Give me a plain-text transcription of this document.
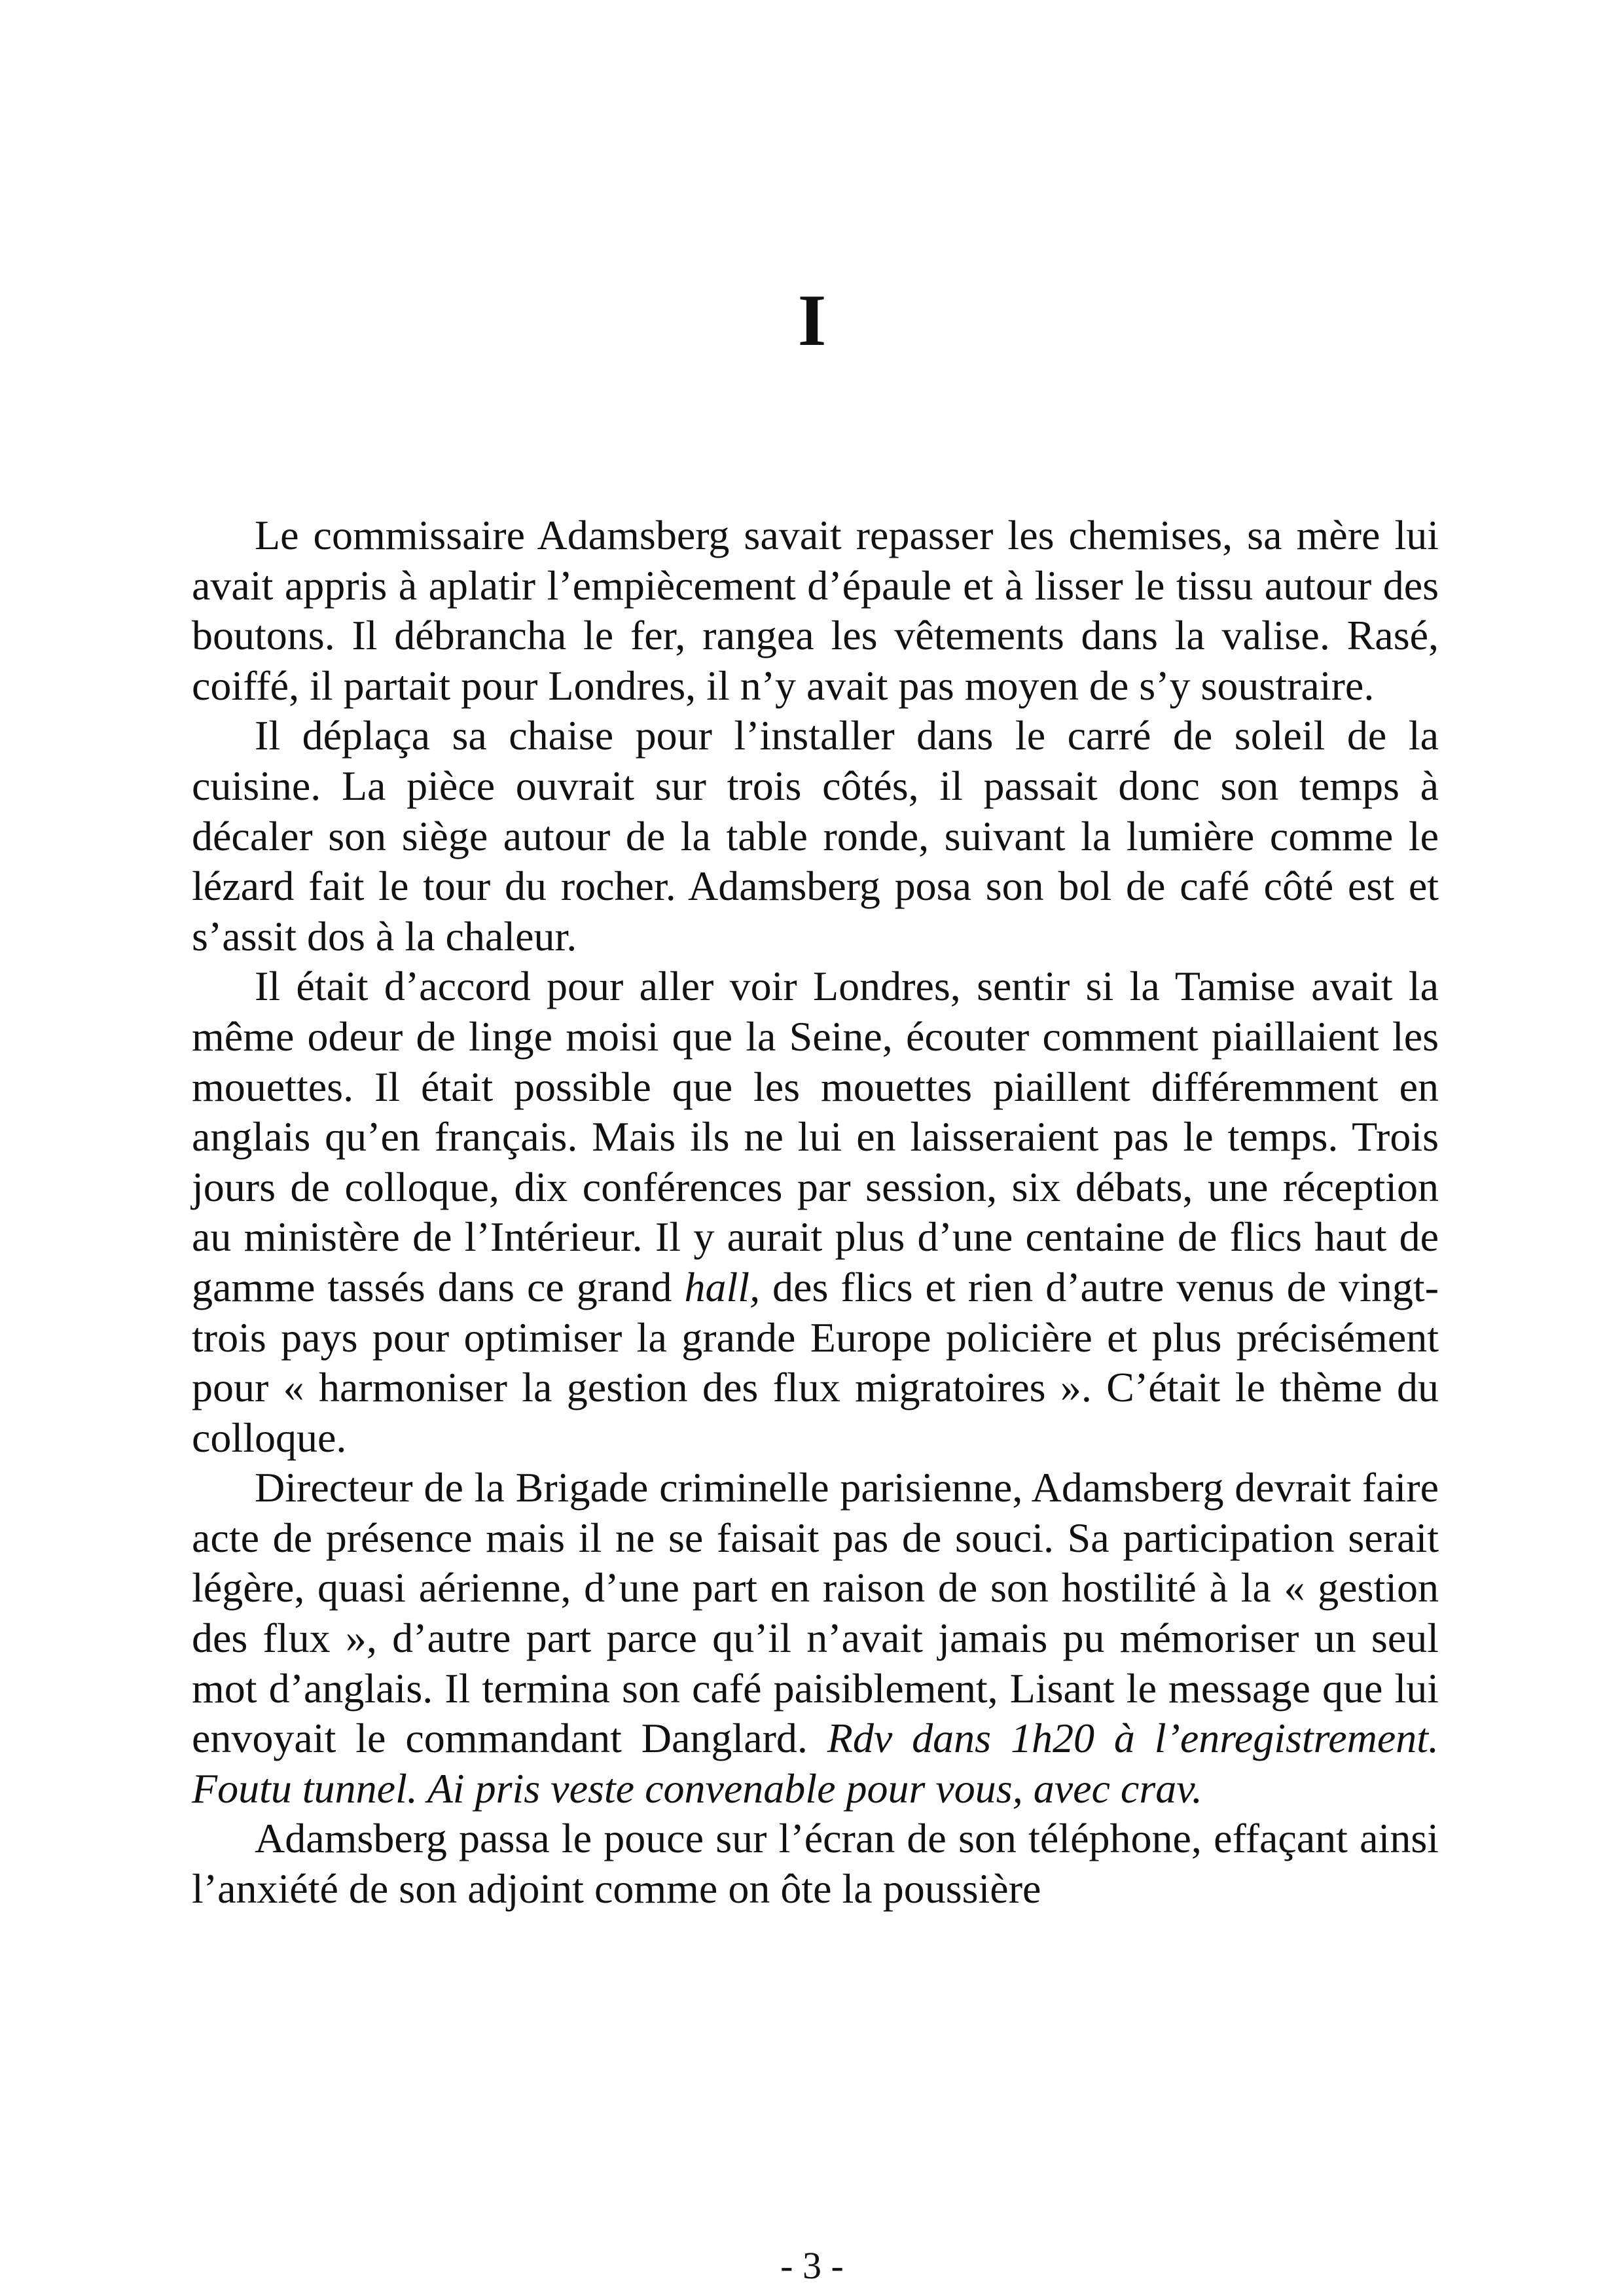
I

Le commissaire Adamsberg savait repasser les chemises, sa mère lui avait appris à aplatir l’empiècement d’épaule et à lisser le tissu autour des boutons. Il débrancha le fer, rangea les vêtements dans la valise. Rasé, coiffé, il partait pour Londres, il n’y avait pas moyen de s’y soustraire.

Il déplaça sa chaise pour l’installer dans le carré de soleil de la cuisine. La pièce ouvrait sur trois côtés, il passait donc son temps à décaler son siège autour de la table ronde, suivant la lumière comme le lézard fait le tour du rocher. Adamsberg posa son bol de café côté est et s’assit dos à la chaleur.

Il était d’accord pour aller voir Londres, sentir si la Tamise avait la même odeur de linge moisi que la Seine, écouter comment piaillaient les mouettes. Il était possible que les mouettes piaillent différemment en anglais qu’en français. Mais ils ne lui en laisseraient pas le temps. Trois jours de colloque, dix conférences par session, six débats, une réception au ministère de l’Intérieur. Il y aurait plus d’une centaine de flics haut de gamme tassés dans ce grand hall, des flics et rien d’autre venus de vingt-trois pays pour optimiser la grande Europe policière et plus précisément pour « harmoniser la gestion des flux migratoires ». C’était le thème du colloque.

Directeur de la Brigade criminelle parisienne, Adamsberg devrait faire acte de présence mais il ne se faisait pas de souci. Sa participation serait légère, quasi aérienne, d’une part en raison de son hostilité à la « gestion des flux », d’autre part parce qu’il n’avait jamais pu mémoriser un seul mot d’anglais. Il termina son café paisiblement, Lisant le message que lui envoyait le commandant Danglard. Rdv dans 1h20 à l’enregistrement. Foutu tunnel. Ai pris veste convenable pour vous, avec crav.

Adamsberg passa le pouce sur l’écran de son téléphone, effaçant ainsi l’anxiété de son adjoint comme on ôte la poussière

- 3 -
